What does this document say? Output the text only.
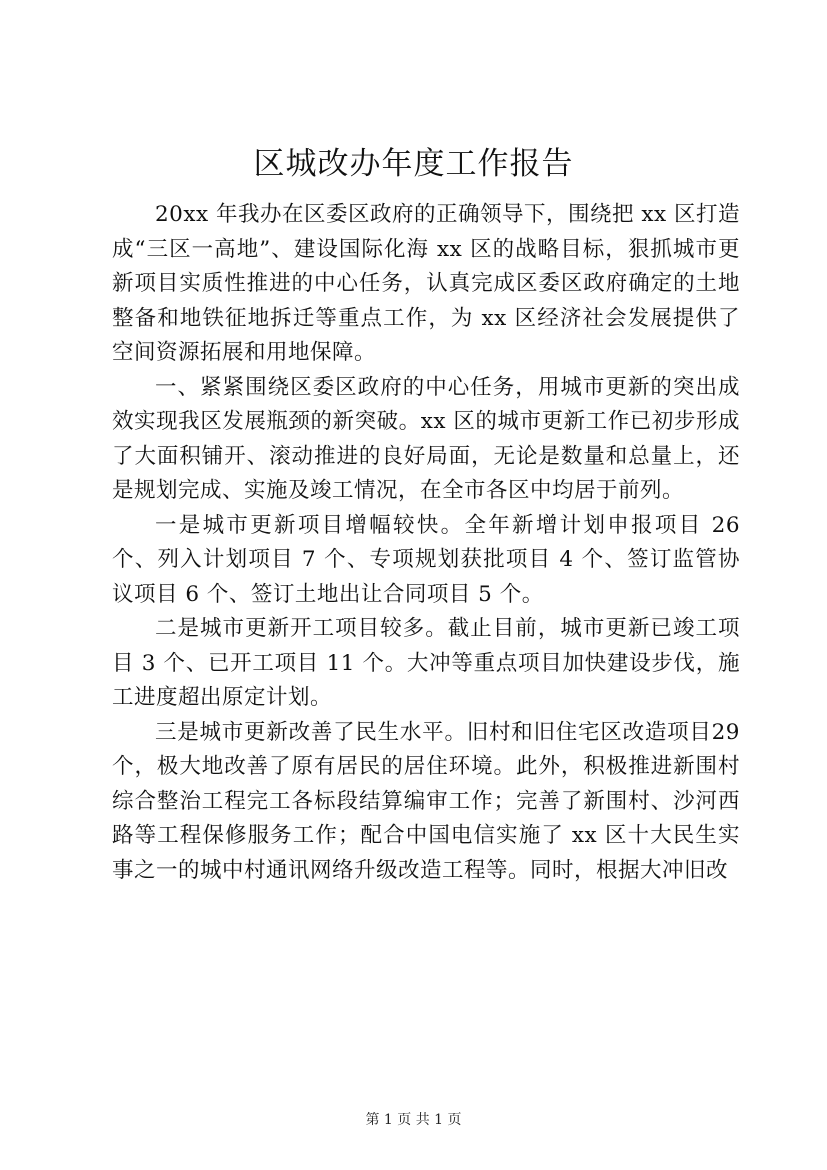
区城改办年度工作报告

20xx 年我办在区委区政府的正确领导下，围绕把 xx 区打造成“三区一高地”、建设国际化海 xx 区的战略目标，狠抓城市更新项目实质性推进的中心任务，认真完成区委区政府确定的土地整备和地铁征地拆迁等重点工作，为 xx 区经济社会发展提供了空间资源拓展和用地保障。

一、紧紧围绕区委区政府的中心任务，用城市更新的突出成效实现我区发展瓶颈的新突破。xx 区的城市更新工作已初步形成了大面积铺开、滚动推进的良好局面，无论是数量和总量上，还是规划完成、实施及竣工情况，在全市各区中均居于前列。

一是城市更新项目增幅较快。全年新增计划申报项目 26 个、列入计划项目 7 个、专项规划获批项目 4 个、签订监管协议项目 6 个、签订土地出让合同项目 5 个。

二是城市更新开工项目较多。截止目前，城市更新已竣工项目 3 个、已开工项目 11 个。大冲等重点项目加快建设步伐，施工进度超出原定计划。

三是城市更新改善了民生水平。旧村和旧住宅区改造项目29 个，极大地改善了原有居民的居住环境。此外，积极推进新围村综合整治工程完工各标段结算编审工作；完善了新围村、沙河西路等工程保修服务工作；配合中国电信实施了 xx 区十大民生实事之一的城中村通讯网络升级改造工程等。同时，根据大冲旧改

第 1 页 共 1 页
